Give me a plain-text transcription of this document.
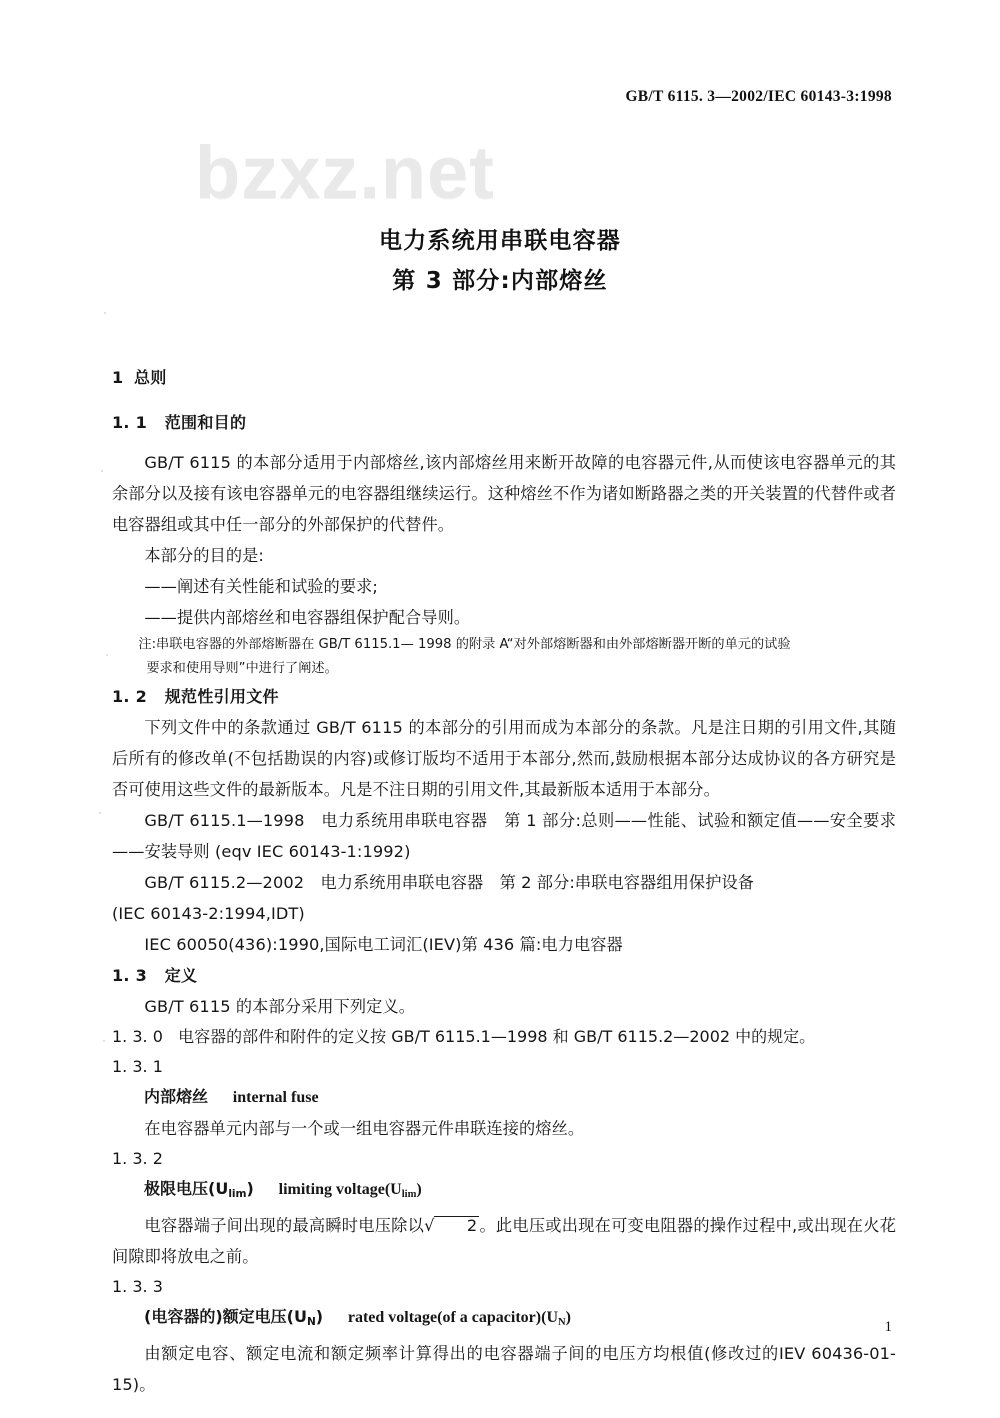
GB/T 6115. 3—2002/IEC 60143-3:1998
bzxz.net
电力系统用串联电容器
第 3 部分:内部熔丝

1 总则

1. 1 范围和目的

GB/T 6115 的本部分适用于内部熔丝,该内部熔丝用来断开故障的电容器元件,从而使该电容器单元的其余部分以及接有该电容器单元的电容器组继续运行。这种熔丝不作为诸如断路器之类的开关装置的代替件或者电容器组或其中任一部分的外部保护的代替件。

本部分的目的是:

——阐述有关性能和试验的要求;

——提供内部熔丝和电容器组保护配合导则。

注:串联电容器的外部熔断器在 GB/T 6115.1— 1998 的附录 A“对外部熔断器和由外部熔断器开断的单元的试验
要求和使用导则”中进行了阐述。

1. 2 规范性引用文件

下列文件中的条款通过 GB/T 6115 的本部分的引用而成为本部分的条款。凡是注日期的引用文件,其随后所有的修改单(不包括勘误的内容)或修订版均不适用于本部分,然而,鼓励根据本部分达成协议的各方研究是否可使用这些文件的最新版本。凡是不注日期的引用文件,其最新版本适用于本部分。

GB/T 6115.1—1998　电力系统用串联电容器　第 1 部分:总则——性能、试验和额定值——安全要求 ——安装导则 (eqv IEC 60143-1:1992)

GB/T 6115.2—2002　电力系统用串联电容器　第 2 部分:串联电容器组用保护设备

(IEC 60143-2:1994,IDT)

IEC 60050(436):1990,国际电工词汇(IEV)第 436 篇:电力电容器

1. 3 定义

GB/T 6115 的本部分采用下列定义。

1. 3. 0 电容器的部件和附件的定义按 GB/T 6115.1—1998 和 GB/T 6115.2—2002 中的规定。

1. 3. 1

内部熔丝 internal fuse

在电容器单元内部与一个或一组电容器元件串联连接的熔丝。

1. 3. 2

极限电压$(U_{lim})$ limiting $voltage(U_{lim})$

电容器端子间出现的最高瞬时电压除以√ 2 。此电压或出现在可变电阻器的操作过程中,或出现在火花间隙即将放电之前。

1. 3. 3

(电容器的)额定电压$(U_N)$ rated voltage(of a $capacitor)(U_N)$

由额定电容、额定电流和额定频率计算得出的电容器端子间的电压方均根值(修改过的IEV 60436-01-15)。

1
